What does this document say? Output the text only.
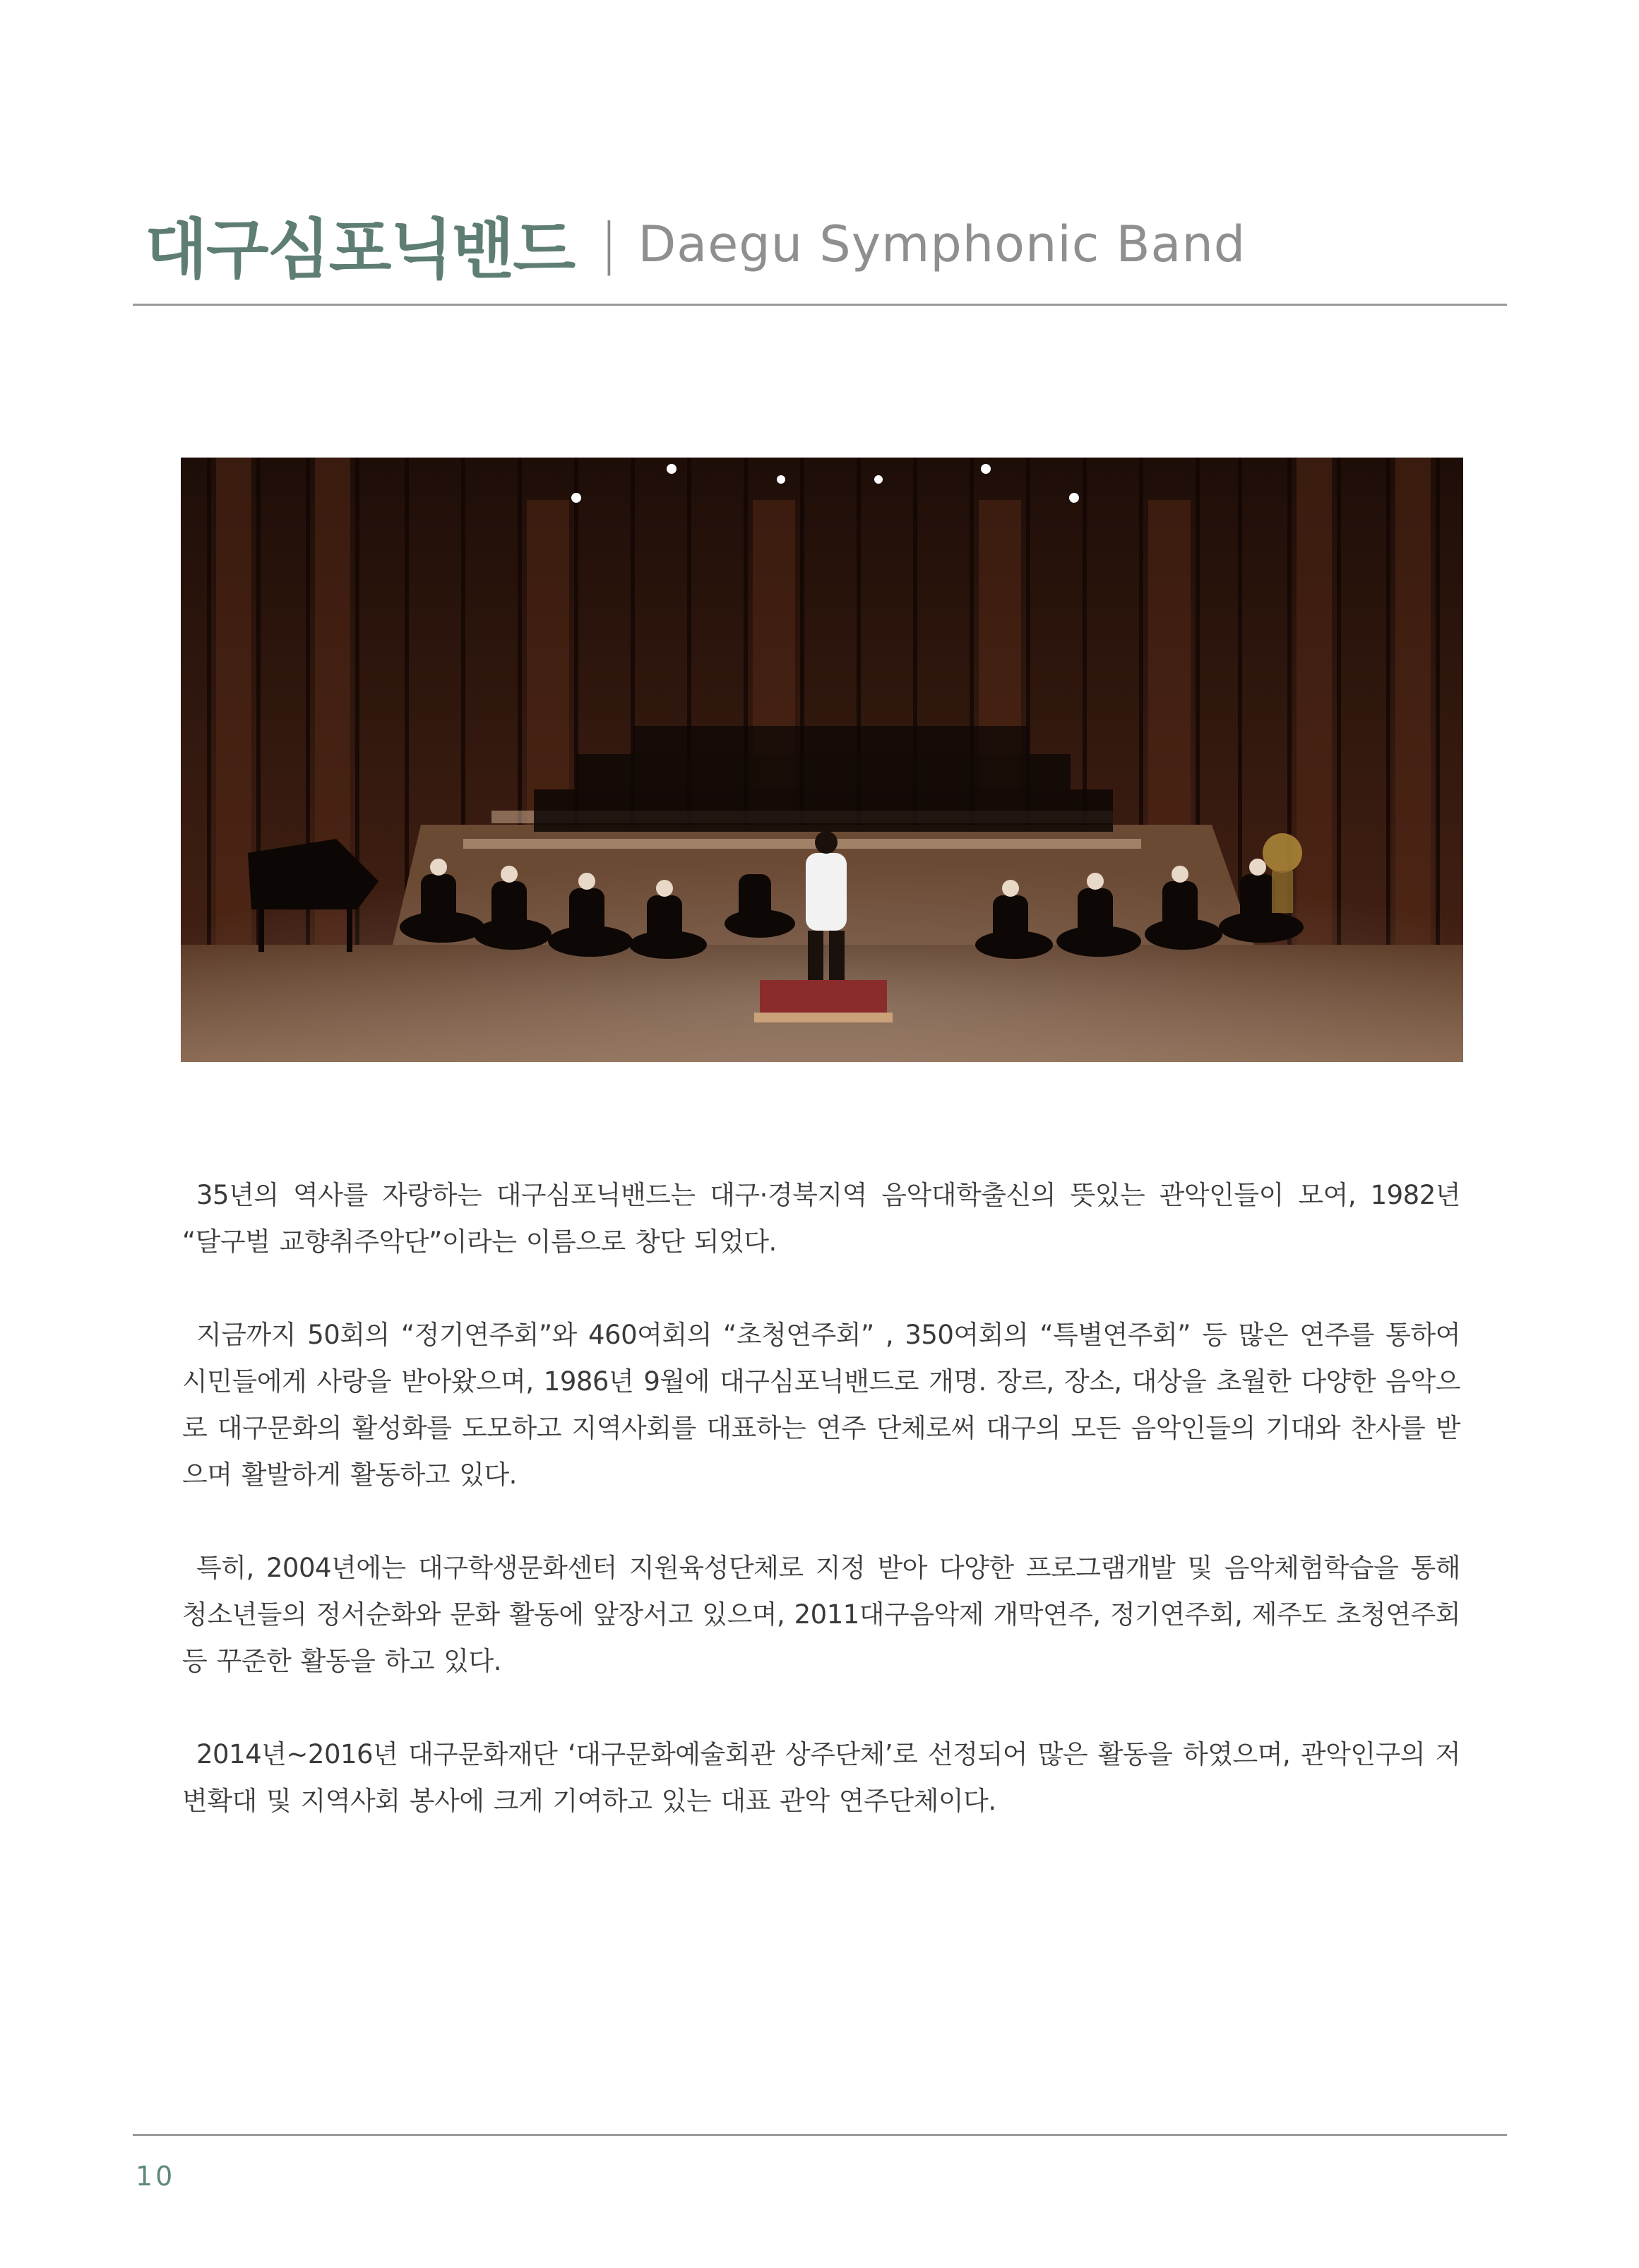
대구심포닉밴드 | Daegu Symphonic Band

35년의 역사를 자랑하는 대구심포닉밴드는 대구·경북지역 음악대학출신의 뜻있는 관악인들이 모여, 1982년 “달구벌 교향취주악단”이라는 이름으로 창단 되었다.

지금까지 50회의 “정기연주회”와 460여회의 “초청연주회” , 350여회의 “특별연주회” 등 많은 연주를 통하여 시민들에게 사랑을 받아왔으며, 1986년 9월에 대구심포닉밴드로 개명. 장르, 장소, 대상을 초월한 다양한 음악으로 대구문화의 활성화를 도모하고 지역사회를 대표하는 연주 단체로써 대구의 모든 음악인들의 기대와 찬사를 받으며 활발하게 활동하고 있다.

특히, 2004년에는 대구학생문화센터 지원육성단체로 지정 받아 다양한 프로그램개발 및 음악체험학습을 통해 청소년들의 정서순화와 문화 활동에 앞장서고 있으며, 2011대구음악제 개막연주, 정기연주회, 제주도 초청연주회 등 꾸준한 활동을 하고 있다.

2014년~2016년 대구문화재단 ‘대구문화예술회관 상주단체’로 선정되어 많은 활동을 하였으며, 관악인구의 저변확대 및 지역사회 봉사에 크게 기여하고 있는 대표 관악 연주단체이다.

10
